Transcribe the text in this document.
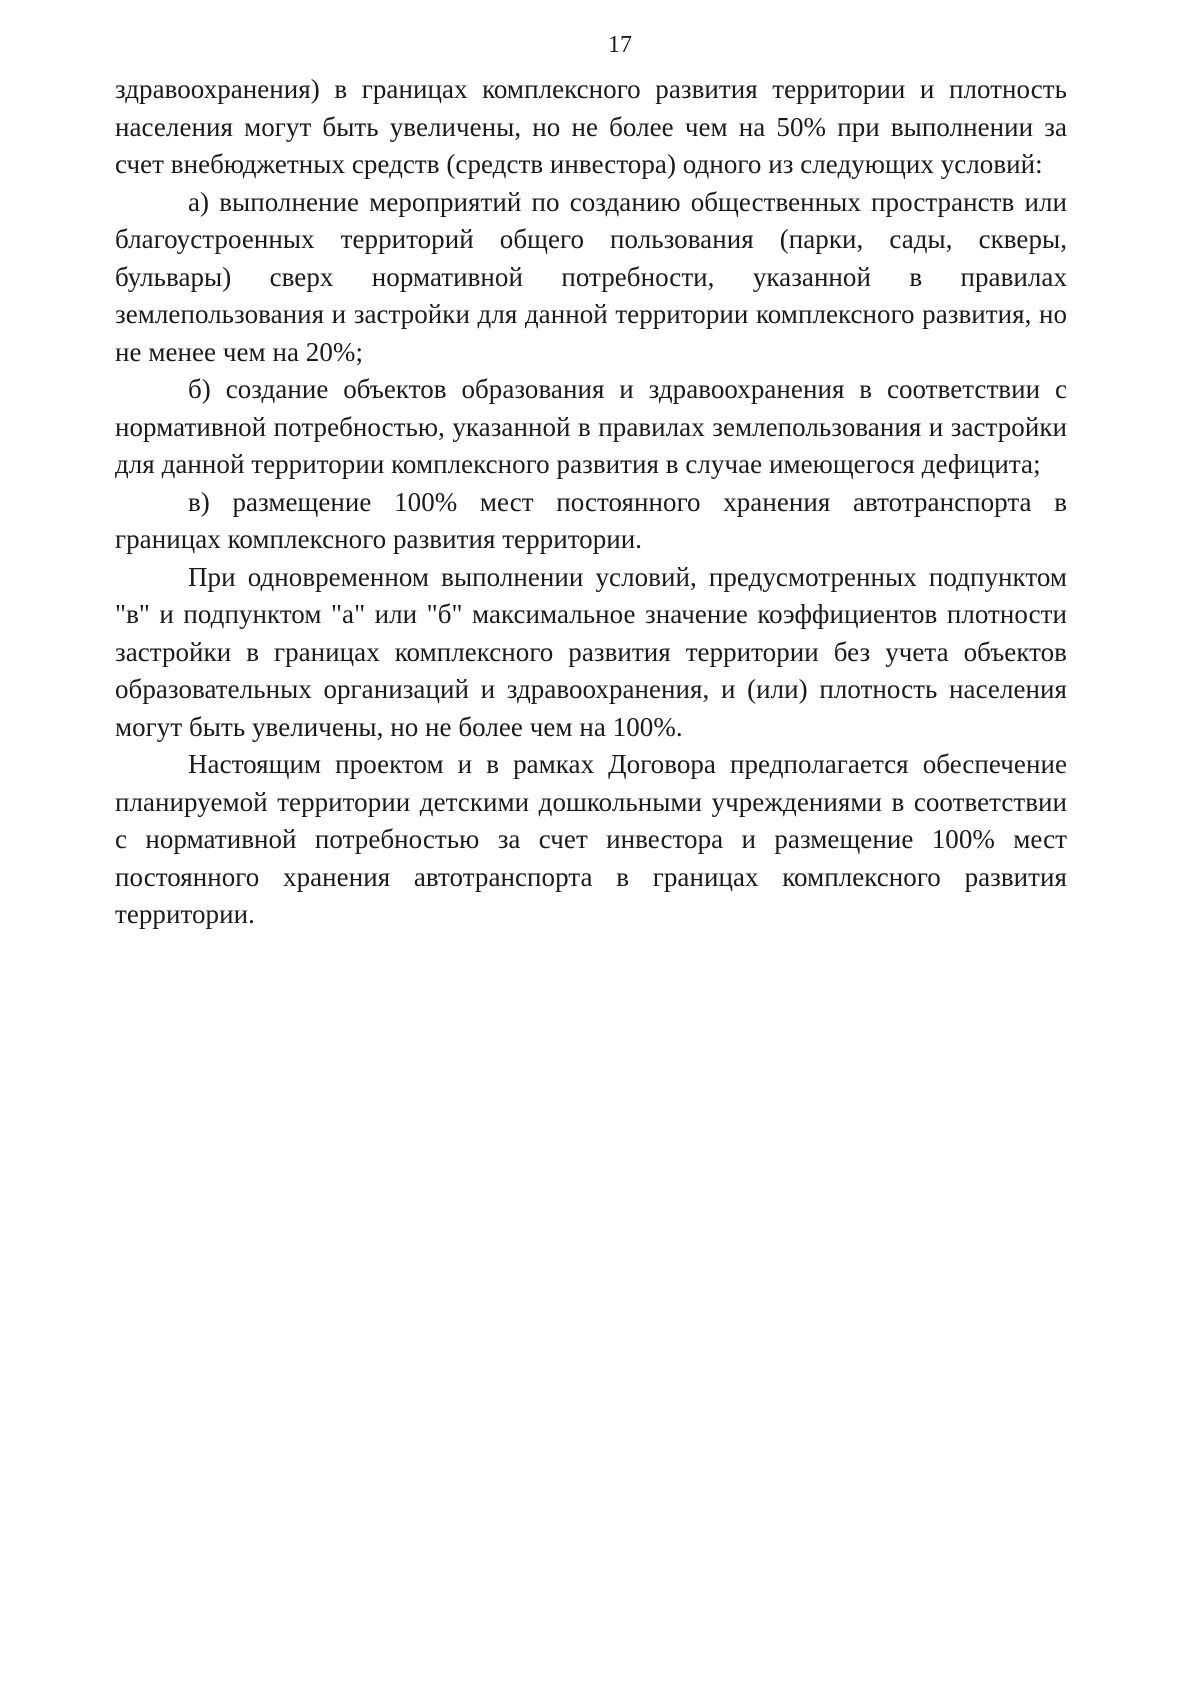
17

здравоохранения) в границах комплексного развития территории и плотность населения могут быть увеличены, но не более чем на 50% при выполнении за счет внебюджетных средств (средств инвестора) одного из следующих условий:

а) выполнение мероприятий по созданию общественных пространств или благоустроенных территорий общего пользования (парки, сады, скверы, бульвары) сверх нормативной потребности, указанной в правилах землепользования и застройки для данной территории комплексного развития, но не менее чем на 20%;

б) создание объектов образования и здравоохранения в соответствии с нормативной потребностью, указанной в правилах землепользования и застройки для данной территории комплексного развития в случае имеющегося дефицита;

в) размещение 100% мест постоянного хранения автотранспорта в границах комплексного развития территории.

При одновременном выполнении условий, предусмотренных подпунктом "в" и подпунктом "а" или "б" максимальное значение коэффициентов плотности застройки в границах комплексного развития территории без учета объектов образовательных организаций и здравоохранения, и (или) плотность населения могут быть увеличены, но не более чем на 100%.

Настоящим проектом и в рамках Договора предполагается обеспечение планируемой территории детскими дошкольными учреждениями в соответствии с нормативной потребностью за счет инвестора и размещение 100% мест постоянного хранения автотранспорта в границах комплексного развития территории.
